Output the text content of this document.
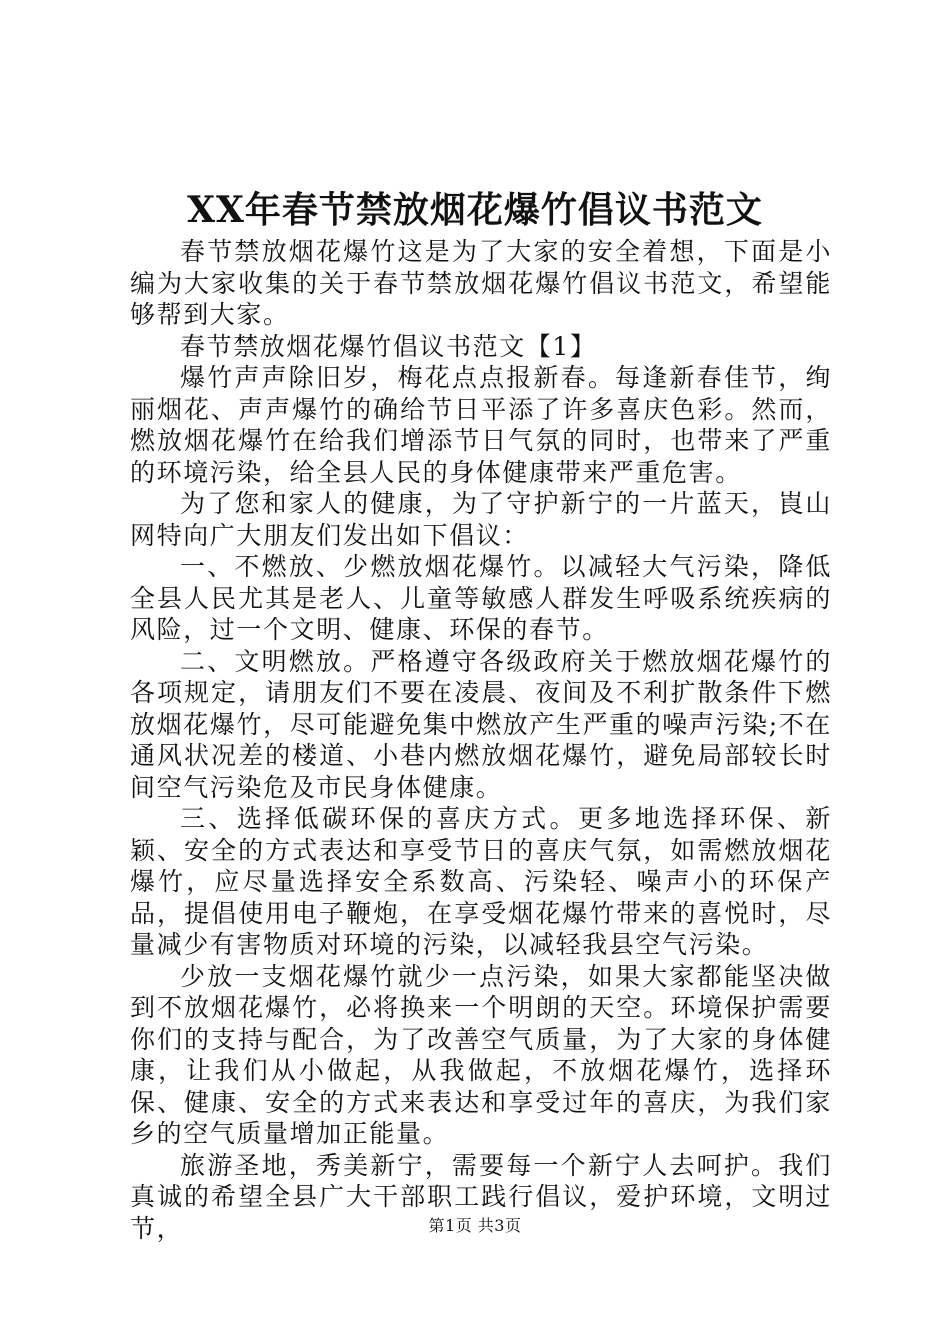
XX年春节禁放烟花爆竹倡议书范文

春节禁放烟花爆竹这是为了大家的安全着想，下面是小编为大家收集的关于春节禁放烟花爆竹倡议书范文，希望能够帮到大家。

春节禁放烟花爆竹倡议书范文【1】

爆竹声声除旧岁，梅花点点报新春。每逢新春佳节，绚丽烟花、声声爆竹的确给节日平添了许多喜庆色彩。然而，燃放烟花爆竹在给我们增添节日气氛的同时，也带来了严重的环境污染，给全县人民的身体健康带来严重危害。

为了您和家人的健康，为了守护新宁的一片蓝天，崀山网特向广大朋友们发出如下倡议：

一、不燃放、少燃放烟花爆竹。以减轻大气污染，降低全县人民尤其是老人、儿童等敏感人群发生呼吸系统疾病的风险，过一个文明、健康、环保的春节。

二、文明燃放。严格遵守各级政府关于燃放烟花爆竹的各项规定，请朋友们不要在凌晨、夜间及不利扩散条件下燃放烟花爆竹，尽可能避免集中燃放产生严重的噪声污染;不在通风状况差的楼道、小巷内燃放烟花爆竹，避免局部较长时间空气污染危及市民身体健康。

三、选择低碳环保的喜庆方式。更多地选择环保、新颖、安全的方式表达和享受节日的喜庆气氛，如需燃放烟花爆竹，应尽量选择安全系数高、污染轻、噪声小的环保产品，提倡使用电子鞭炮，在享受烟花爆竹带来的喜悦时，尽量减少有害物质对环境的污染，以减轻我县空气污染。

少放一支烟花爆竹就少一点污染，如果大家都能坚决做到不放烟花爆竹，必将换来一个明朗的天空。环境保护需要你们的支持与配合，为了改善空气质量，为了大家的身体健康，让我们从小做起，从我做起，不放烟花爆竹，选择环保、健康、安全的方式来表达和享受过年的喜庆，为我们家乡的空气质量增加正能量。

旅游圣地，秀美新宁，需要每一个新宁人去呵护。我们真诚的希望全县广大干部职工践行倡议，爱护环境，文明过节，	第1页 共3页
